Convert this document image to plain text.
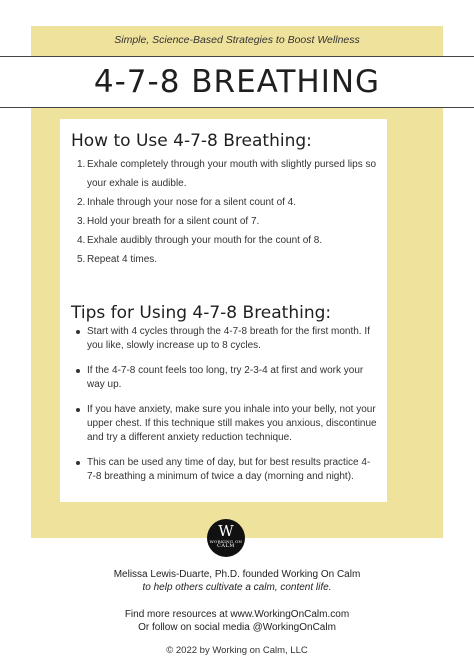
Simple, Science-Based Strategies to Boost Wellness
4-7-8 BREATHING
How to Use 4-7-8 Breathing:
1. Exhale completely through your mouth with slightly pursed lips so your exhale is audible.
2. Inhale through your nose for a silent count of 4.
3. Hold your breath for a silent count of 7.
4. Exhale audibly through your mouth for the count of 8.
5. Repeat 4 times.
Tips for Using 4-7-8 Breathing:
Start with 4 cycles through the 4-7-8 breath for the first month. If you like, slowly increase up to 8 cycles.
If the 4-7-8 count feels too long, try 2-3-4 at first and work your way up.
If you have anxiety, make sure you inhale into your belly, not your upper chest. If this technique still makes you anxious, discontinue and try a different anxiety reduction technique.
This can be used any time of day, but for best results practice 4-7-8 breathing a minimum of twice a day (morning and night).
W
WORKING ON
CALM
Melissa Lewis-Duarte, Ph.D. founded Working On Calm
to help others cultivate a calm, content life.
Find more resources at www.WorkingOnCalm.com
Or follow on social media @WorkingOnCalm
© 2022 by Working on Calm, LLC
